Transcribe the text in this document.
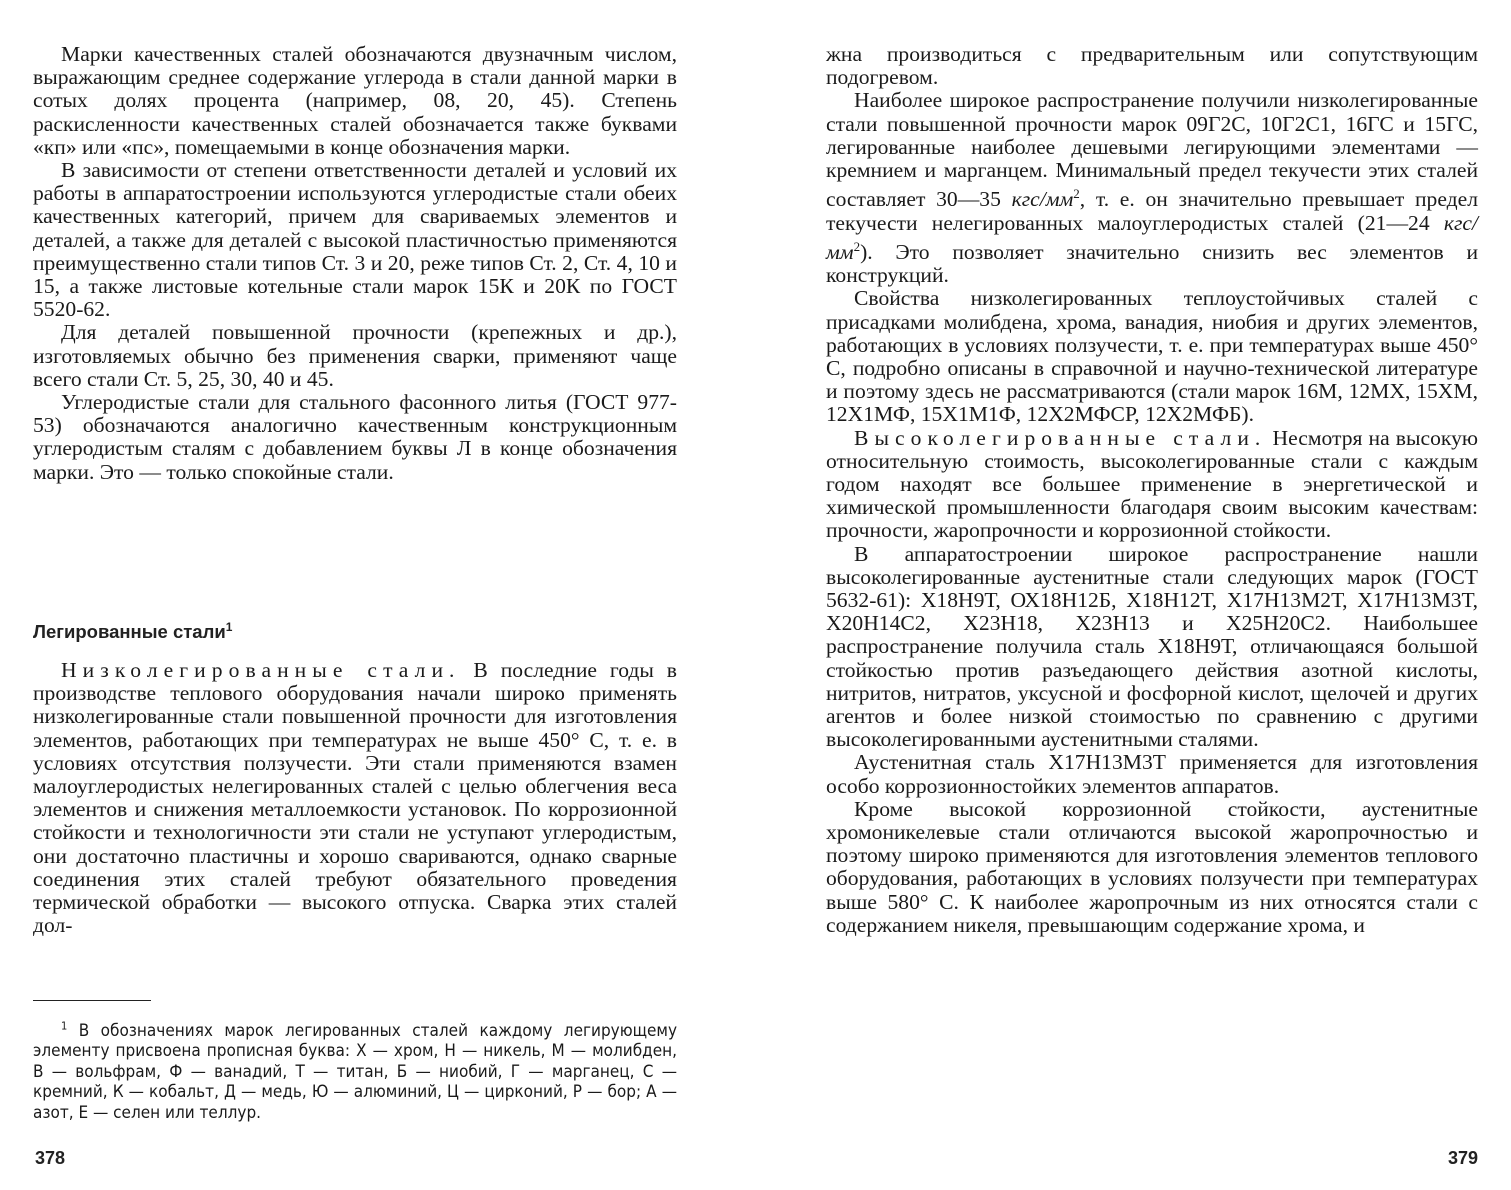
Марки качественных сталей обозначаются двузначным числом, выражающим среднее содержание углерода в стали данной марки в сотых долях процента (например, 08, 20, 45). Степень раскисленности качественных сталей обозначается также буквами «кп» или «пс», помещаемыми в конце обозначения марки.

В зависимости от степени ответственности деталей и условий их работы в аппаратостроении используются углеродистые стали обеих качественных категорий, причем для свариваемых элементов и деталей, а также для деталей с высокой пластичностью применяются преимущественно стали типов Ст. 3 и 20, реже типов Ст. 2, Ст. 4, 10 и 15, а также листовые котельные стали марок 15К и 20К по ГОСТ 5520-62.

Для деталей повышенной прочности (крепежных и др.), изготовляемых обычно без применения сварки, применяют чаще всего стали Ст. 5, 25, 30, 40 и 45.

Углеродистые стали для стального фасонного литья (ГОСТ 977-53) обозначаются аналогично качественным конструкционным углеродистым сталям с добавлением буквы Л в конце обозначения марки. Это — только спокойные стали.

Легированные стали$^1$

Низколегированные стали. В последние годы в производстве теплового оборудования начали широко применять низколегированные стали повышенной прочности для изготовления элементов, работающих при температурах не выше 450° С, т. е. в условиях отсутствия ползучести. Эти стали применяются взамен малоуглеродистых нелегированных сталей с целью облегчения веса элементов и снижения металлоемкости установок. По коррозионной стойкости и технологичности эти стали не уступают углеродистым, они достаточно пластичны и хорошо свариваются, однако сварные соединения этих сталей требуют обязательного проведения термической обработки — высокого отпуска. Сварка этих сталей дол-

$^1$ В обозначениях марок легированных сталей каждому легирующему элементу присвоена прописная буква: Х — хром, Н — никель, М — молибден, В — вольфрам, Ф — ванадий, Т — титан, Б — ниобий, Г — марганец, С — кремний, К — кобальт, Д — медь, Ю — алюминий, Ц — цирконий, Р — бор; А — азот, Е — селен или теллур.

378

жна производиться с предварительным или сопутствующим подогревом.

Наиболее широкое распространение получили низколегированные стали повышенной прочности марок 09Г2С, 10Г2С1, 16ГС и 15ГС, легированные наиболее дешевыми легирующими элементами — кремнием и марганцем. Минимальный предел текучести этих сталей составляет 30—35 кгс/$мм^2$, т. е. он значительно превышает предел текучести нелегированных малоуглеродистых сталей (21—24 кгс/$мм^2$). Это позволяет значительно снизить вес элементов и конструкций.

Свойства низколегированных теплоустойчивых сталей с присадками молибдена, хрома, ванадия, ниобия и других элементов, работающих в условиях ползучести, т. е. при температурах выше 450° С, подробно описаны в справочной и научно-технической литературе и поэтому здесь не рассматриваются (стали марок 16М, 12МХ, 15ХМ, 12Х1МФ, 15Х1М1Ф, 12Х2МФСР, 12Х2МФБ).

Высоколегированные стали. Несмотря на высокую относительную стоимость, высоколегированные стали с каждым годом находят все большее применение в энергетической и химической промышленности благодаря своим высоким качествам: прочности, жаропрочности и коррозионной стойкости.

В аппаратостроении широкое распространение нашли высоколегированные аустенитные стали следующих марок (ГОСТ 5632-61): Х18Н9Т, ОХ18Н12Б, Х18Н12Т, Х17Н13М2Т, Х17Н13М3Т, Х20Н14С2, Х23Н18, Х23Н13 и Х25Н20С2. Наибольшее распространение получила сталь Х18Н9Т, отличающаяся большой стойкостью против разъедающего действия азотной кислоты, нитритов, нитратов, уксусной и фосфорной кислот, щелочей и других агентов и более низкой стоимостью по сравнению с другими высоколегированными аустенитными сталями.

Аустенитная сталь Х17Н13М3Т применяется для изготовления особо коррозионностойких элементов аппаратов.

Кроме высокой коррозионной стойкости, аустенитные хромоникелевые стали отличаются высокой жаропрочностью и поэтому широко применяются для изготовления элементов теплового оборудования, работающих в условиях ползучести при температурах выше 580° С. К наиболее жаропрочным из них относятся стали с содержанием никеля, превышающим содержание хрома, и

379
